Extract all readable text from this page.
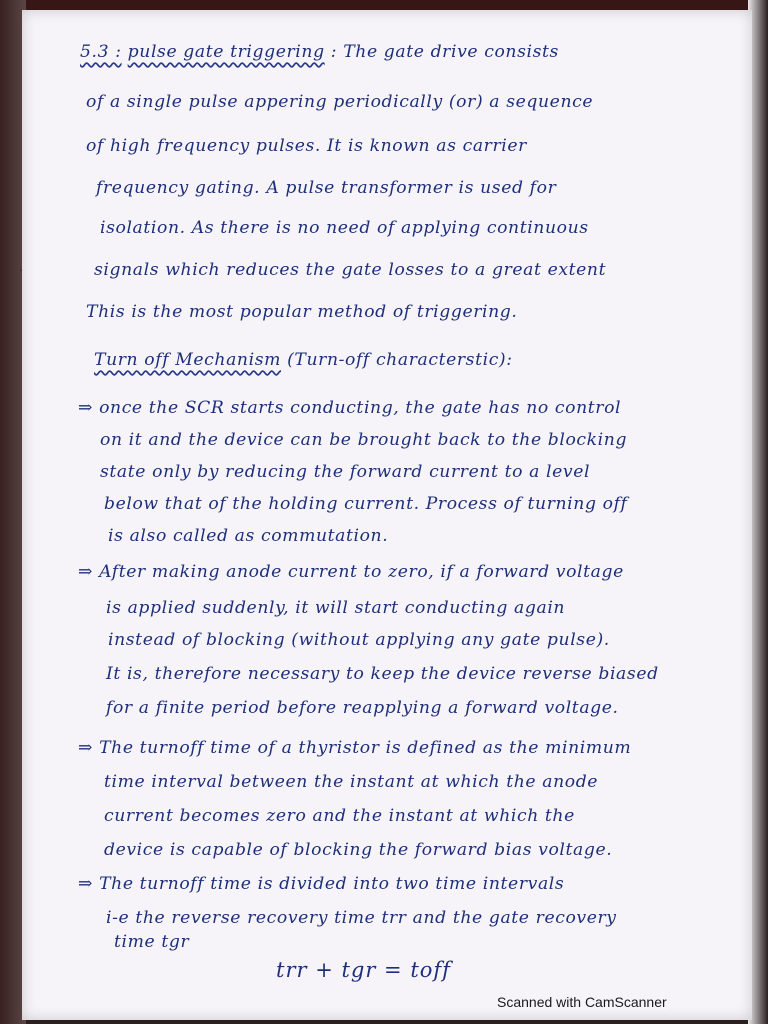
5.3 : pulse gate triggering : The gate drive consists
of a single pulse appering periodically (or) a sequence
of high frequency pulses. It is known as carrier
frequency gating. A pulse transformer is used for
isolation. As there is no need of applying continuous
signals which reduces the gate losses to a great extent
This is the most popular method of triggering.
Turn off Mechanism (Turn-off characterstic):
⇒ once the SCR starts conducting, the gate has no control
on it and the device can be brought back to the blocking
state only by reducing the forward current to a level
below that of the holding current. Process of turning off
is also called as commutation.
⇒ After making anode current to zero, if a forward voltage
is applied suddenly, it will start conducting again
instead of blocking (without applying any gate pulse).
It is, therefore necessary to keep the device reverse biased
for a finite period before reapplying a forward voltage.
⇒ The turnoff time of a thyristor is defined as the minimum
time interval between the instant at which the anode
current becomes zero and the instant at which the
device is capable of blocking the forward bias voltage.
⇒ The turnoff time is divided into two time intervals
i-e the reverse recovery time trr and the gate recovery
time tgr
trr + tgr = toff
˛
Scanned with CamScanner
